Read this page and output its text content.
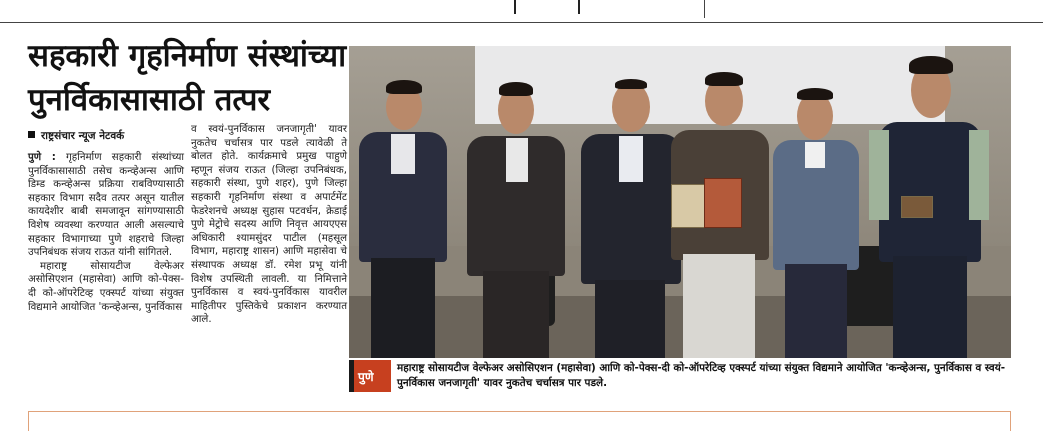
सहकारी गृहनिर्माण संस्थांच्या
पुनर्विकासासाठी तत्पर
राष्ट्रसंचार न्यूज नेटवर्क

पुणे : गृहनिर्माण सहकारी संस्थांच्या पुनर्विकासासाठी तसेच कन्व्हेअन्स आणि डिम्ड कन्व्हेअन्स प्रक्रिया राबविण्यासाठी सहकार विभाग सदैव तत्पर असून यातील कायदेशीर बाबी समजावून सांगण्यासाठी विशेष व्यवस्था करण्यात आली असल्याचे सहकार विभागाच्या पुणे शहराचे जिल्हा उपनिबंधक संजय राऊत यांनी सांगितले.

महाराष्ट्र सोसायटीज वेल्फेअर असोसिएशन (महासेवा) आणि को-पेक्स-दी को-ऑपरेटिव्ह एक्स्पर्ट यांच्या संयुक्त विद्यमाने आयोजित 'कन्व्हेअन्स, पुनर्विकास

व स्वयं-पुनर्विकास जनजागृती' यावर नुकतेच चर्चासत्र पार पडले त्यावेळी ते बोलत होते. कार्यक्रमाचे प्रमुख पाहुणे म्हणून संजय राऊत (जिल्हा उपनिबंधक, सहकारी संस्था, पुणे शहर), पुणे जिल्हा सहकारी गृहनिर्माण संस्था व अपार्टमेंट फेडरेशनचे अध्यक्ष सुहास पटवर्धन, क्रेडाई पुणे मेट्रोचे सदस्य आणि निवृत्त आयएएस अधिकारी श्यामसुंदर पाटील (महसूल विभाग, महाराष्ट्र शासन) आणि महासेवा चे संस्थापक अध्यक्ष डॉ. रमेश प्रभू यांनी विशेष उपस्थिती लावली. या निमित्ताने पुनर्विकास व स्वयं-पुनर्विकास यावरील माहितीपर पुस्तिकेचे प्रकाशन करण्यात आले.

पुणे
महाराष्ट्र सोसायटीज वेल्फेअर असोसिएशन (महासेवा) आणि को-पेक्स-दी को-ऑपरेटिव्ह एक्स्पर्ट यांच्या संयुक्त विद्यमाने आयोजित 'कन्व्हेअन्स, पुनर्विकास व स्वयं-पुनर्विकास जनजागृती' यावर नुकतेच चर्चासत्र पार पडले.
